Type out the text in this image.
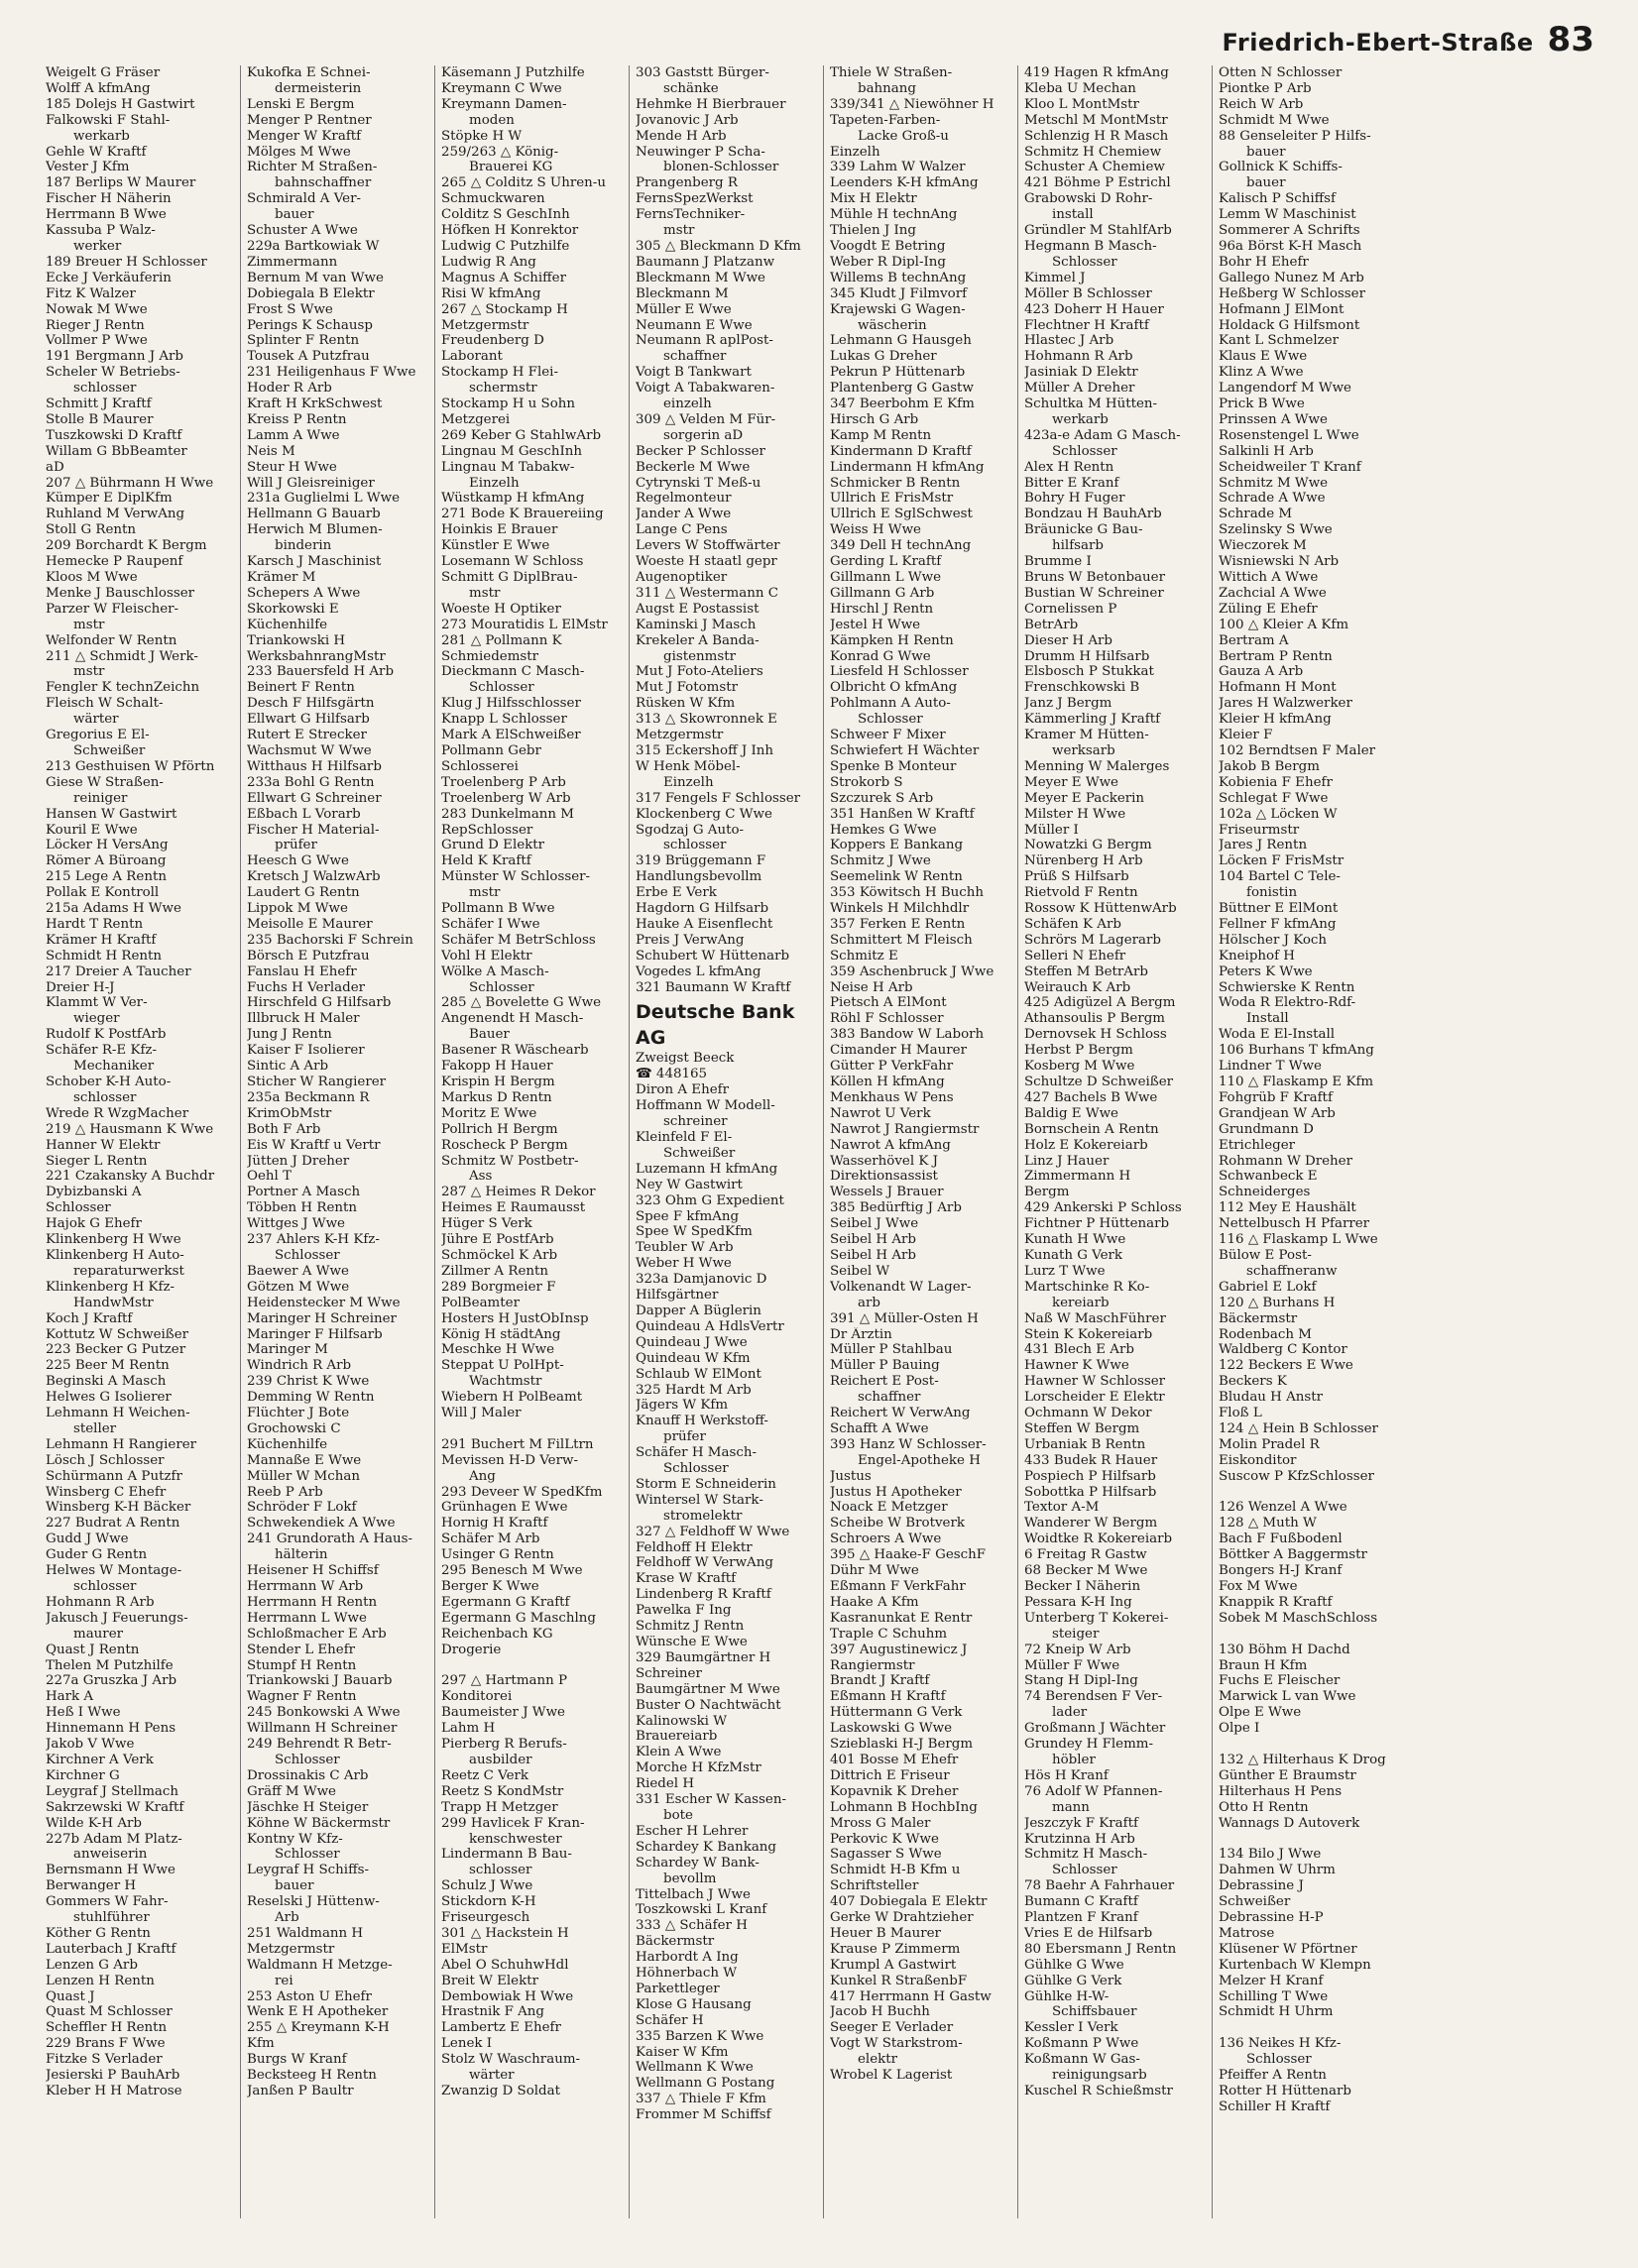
Friedrich-Ebert-Straße 83
Weigelt G Fräser
Wolff A kfmAng
185 Dolejs H Gastwirt
Falkowski F Stahl-
werkarb
Gehle W Kraftf
Vester J Kfm
187 Berlips W Maurer
Fischer H Näherin
Herrmann B Wwe
Kassuba P Walz-
werker
189 Breuer H Schlosser
Ecke J Verkäuferin
Fitz K Walzer
Nowak M Wwe
Rieger J Rentn
Vollmer P Wwe
191 Bergmann J Arb
Scheler W Betriebs-
schlosser
Schmitt J Kraftf
Stolle B Maurer
Tuszkowski D Kraftf
Willam G BbBeamter
aD
207 △ Bührmann H Wwe
Kümper E DiplKfm
Ruhland M VerwAng
Stoll G Rentn
209 Borchardt K Bergm
Hemecke P Raupenf
Kloos M Wwe
Menke J Bauschlosser
Parzer W Fleischer-
mstr
Welfonder W Rentn
211 △ Schmidt J Werk-
mstr
Fengler K technZeichn
Fleisch W Schalt-
wärter
Gregorius E El-
Schweißer
213 Gesthuisen W Pförtn
Giese W Straßen-
reiniger
Hansen W Gastwirt
Kouril E Wwe
Löcker H VersAng
Römer A Büroang
215 Lege A Rentn
Pollak E Kontroll
215a Adams H Wwe
Hardt T Rentn
Krämer H Kraftf
Schmidt H Rentn
217 Dreier A Taucher
Dreier H-J
Klammt W Ver-
wieger
Rudolf K PostfArb
Schäfer R-E Kfz-
Mechaniker
Schober K-H Auto-
schlosser
Wrede R WzgMacher
219 △ Hausmann K Wwe
Hanner W Elektr
Sieger L Rentn
221 Czakansky A Buchdr
Dybizbanski A
Schlosser
Hajok G Ehefr
Klinkenberg H Wwe
Klinkenberg H Auto-
reparaturwerkst
Klinkenberg H Kfz-
HandwMstr
Koch J Kraftf
Kottutz W Schweißer
223 Becker G Putzer
225 Beer M Rentn
Beginski A Masch
Helwes G Isolierer
Lehmann H Weichen-
steller
Lehmann H Rangierer
Lösch J Schlosser
Schürmann A Putzfr
Winsberg C Ehefr
Winsberg K-H Bäcker
227 Budrat A Rentn
Gudd J Wwe
Guder G Rentn
Helwes W Montage-
schlosser
Hohmann R Arb
Jakusch J Feuerungs-
maurer
Quast J Rentn
Thelen M Putzhilfe
227a Gruszka J Arb
Hark A
Heß I Wwe
Hinnemann H Pens
Jakob V Wwe
Kirchner A Verk
Kirchner G
Leygraf J Stellmach
Sakrzewski W Kraftf
Wilde K-H Arb
227b Adam M Platz-
anweiserin
Bernsmann H Wwe
Berwanger H
Gommers W Fahr-
stuhlführer
Köther G Rentn
Lauterbach J Kraftf
Lenzen G Arb
Lenzen H Rentn
Quast J
Quast M Schlosser
Scheffler H Rentn
229 Brans F Wwe
Fitzke S Verlader
Jesierski P BauhArb
Kleber H H Matrose
Kukofka E Schnei-
dermeisterin
Lenski E Bergm
Menger P Rentner
Menger W Kraftf
Mölges M Wwe
Richter M Straßen-
bahnschaffner
Schmirald A Ver-
bauer
Schuster A Wwe
229a Bartkowiak W
Zimmermann
Bernum M van Wwe
Dobiegala B Elektr
Frost S Wwe
Perings K Schausp
Splinter F Rentn
Tousek A Putzfrau
231 Heiligenhaus F Wwe
Hoder R Arb
Kraft H KrkSchwest
Kreiss P Rentn
Lamm A Wwe
Neis M
Steur H Wwe
Will J Gleisreiniger
231a Guglielmi L Wwe
Hellmann G Bauarb
Herwich M Blumen-
binderin
Karsch J Maschinist
Krämer M
Schepers A Wwe
Skorkowski E
Küchenhilfe
Triankowski H
WerksbahnrangMstr
233 Bauersfeld H Arb
Beinert F Rentn
Desch F Hilfsgärtn
Ellwart G Hilfsarb
Rutert E Strecker
Wachsmut W Wwe
Witthaus H Hilfsarb
233a Bohl G Rentn
Ellwart G Schreiner
Eßbach L Vorarb
Fischer H Material-
prüfer
Heesch G Wwe
Kretsch J WalzwArb
Laudert G Rentn
Lippok M Wwe
Meisolle E Maurer
235 Bachorski F Schrein
Börsch E Putzfrau
Fanslau H Ehefr
Fuchs H Verlader
Hirschfeld G Hilfsarb
Illbruck H Maler
Jung J Rentn
Kaiser F Isolierer
Sintic A Arb
Sticher W Rangierer
235a Beckmann R
KrimObMstr
Both F Arb
Eis W Kraftf u Vertr
Jütten J Dreher
Oehl T
Portner A Masch
Többen H Rentn
Wittges J Wwe
237 Ahlers K-H Kfz-
Schlosser
Baewer A Wwe
Götzen M Wwe
Heidenstecker M Wwe
Maringer H Schreiner
Maringer F Hilfsarb
Maringer M
Windrich R Arb
239 Christ K Wwe
Demming W Rentn
Flüchter J Bote
Grochowski C
Küchenhilfe
Mannaße E Wwe
Müller W Mchan
Reeb P Arb
Schröder F Lokf
Schwekendiek A Wwe
241 Grundorath A Haus-
hälterin
Heisener H Schiffsf
Herrmann W Arb
Herrmann H Rentn
Herrmann L Wwe
Schloßmacher E Arb
Stender L Ehefr
Stumpf H Rentn
Triankowski J Bauarb
Wagner F Rentn
245 Bonkowski A Wwe
Willmann H Schreiner
249 Behrendt R Betr-
Schlosser
Drossinakis C Arb
Gräff M Wwe
Jäschke H Steiger
Köhne W Bäckermstr
Kontny W Kfz-
Schlosser
Leygraf H Schiffs-
bauer
Reselski J Hüttenw-
Arb
251 Waldmann H
Metzgermstr
Waldmann H Metzge-
rei
253 Aston U Ehefr
Wenk E H Apotheker
255 △ Kreymann K-H
Kfm
Burgs W Kranf
Becksteeg H Rentn
Janßen P Baultr
Käsemann J Putzhilfe
Kreymann C Wwe
Kreymann Damen-
moden
Stöpke H W
259/263 △ König-
Brauerei KG
265 △ Colditz S Uhren-u
Schmuckwaren
Colditz S GeschInh
Höfken H Konrektor
Ludwig C Putzhilfe
Ludwig R Ang
Magnus A Schiffer
Risi W kfmAng
267 △ Stockamp H
Metzgermstr
Freudenberg D
Laborant
Stockamp H Flei-
schermstr
Stockamp H u Sohn
Metzgerei
269 Keber G StahlwArb
Lingnau M GeschInh
Lingnau M Tabakw-
Einzelh
Wüstkamp H kfmAng
271 Bode K Brauereiing
Hoinkis E Brauer
Künstler E Wwe
Losemann W Schloss
Schmitt G DiplBrau-
mstr
Woeste H Optiker
273 Mouratidis L ElMstr
281 △ Pollmann K
Schmiedemstr
Dieckmann C Masch-
Schlosser
Klug J Hilfsschlosser
Knapp L Schlosser
Mark A ElSchweißer
Pollmann Gebr
Schlosserei
Troelenberg P Arb
Troelenberg W Arb
283 Dunkelmann M
RepSchlosser
Grund D Elektr
Held K Kraftf
Münster W Schlosser-
mstr
Pollmann B Wwe
Schäfer I Wwe
Schäfer M BetrSchloss
Vohl H Elektr
Wölke A Masch-
Schlosser
285 △ Bovelette G Wwe
Angenendt H Masch-
Bauer
Basener R Wäschearb
Fakopp H Hauer
Krispin H Bergm
Markus D Rentn
Moritz E Wwe
Pollrich H Bergm
Roscheck P Bergm
Schmitz W Postbetr-
Ass
287 △ Heimes R Dekor
Heimes E Raumausst
Hüger S Verk
Jühre E PostfArb
Schmöckel K Arb
Zillmer A Rentn
289 Borgmeier F
PolBeamter
Hosters H JustObInsp
König H städtAng
Meschke H Wwe
Steppat U PolHpt-
Wachtmstr
Wiebern H PolBeamt
Will J Maler

291 Buchert M FilLtrn
Mevissen H-D Verw-
Ang
293 Deveer W SpedKfm
Grünhagen E Wwe
Hornig H Kraftf
Schäfer M Arb
Usinger G Rentn
295 Benesch M Wwe
Berger K Wwe
Egermann G Kraftf
Egermann G Maschlng
Reichenbach KG
Drogerie

297 △ Hartmann P
Konditorei
Baumeister J Wwe
Lahm H
Pierberg R Berufs-
ausbilder
Reetz C Verk
Reetz S KondMstr
Trapp H Metzger
299 Havlicek F Kran-
kenschwester
Lindermann B Bau-
schlosser
Schulz J Wwe
Stickdorn K-H
Friseurgesch
301 △ Hackstein H
ElMstr
Abel O SchuhwHdl
Breit W Elektr
Dembowiak H Wwe
Hrastnik F Ang
Lambertz E Ehefr
Lenek I
Stolz W Waschraum-
wärter
Zwanzig D Soldat
303 Gaststt Bürger-
schänke
Hehmke H Bierbrauer
Jovanovic J Arb
Mende H Arb
Neuwinger P Scha-
blonen-Schlosser
Prangenberg R
FernsSpezWerkst
FernsTechniker-
mstr
305 △ Bleckmann D Kfm
Baumann J Platzanw
Bleckmann M Wwe
Bleckmann M
Müller E Wwe
Neumann E Wwe
Neumann R aplPost-
schaffner
Voigt B Tankwart
Voigt A Tabakwaren-
einzelh
309 △ Velden M Für-
sorgerin aD
Becker P Schlosser
Beckerle M Wwe
Cytrynski T Meß-u
Regelmonteur
Jander A Wwe
Lange C Pens
Levers W Stoffwärter
Woeste H staatl gepr
Augenoptiker
311 △ Westermann C
Augst E Postassist
Kaminski J Masch
Krekeler A Banda-
gistenmstr
Mut J Foto-Ateliers
Mut J Fotomstr
Rüsken W Kfm
313 △ Skowronnek E
Metzgermstr
315 Eckershoff J Inh
W Henk Möbel-
Einzelh
317 Fengels F Schlosser
Klockenberg C Wwe
Sgodzaj G Auto-
schlosser
319 Brüggemann F
Handlungsbevollm
Erbe E Verk
Hagdorn G Hilfsarb
Hauke A Eisenflecht
Preis J VerwAng
Schubert W Hüttenarb
Vogedes L kfmAng
321 Baumann W Kraftf
Deutsche Bank AG
Zweigst Beeck
☎ 448165
Diron A Ehefr
Hoffmann W Modell-
schreiner
Kleinfeld F El-
Schweißer
Luzemann H kfmAng
Ney W Gastwirt
323 Ohm G Expedient
Spee F kfmAng
Spee W SpedKfm
Teubler W Arb
Weber H Wwe
323a Damjanovic D
Hilfsgärtner
Dapper A Büglerin
Quindeau A HdlsVertr
Quindeau J Wwe
Quindeau W Kfm
Schlaub W ElMont
325 Hardt M Arb
Jägers W Kfm
Knauff H Werkstoff-
prüfer
Schäfer H Masch-
Schlosser
Storm E Schneiderin
Wintersel W Stark-
stromelektr
327 △ Feldhoff W Wwe
Feldhoff H Elektr
Feldhoff W VerwAng
Krase W Kraftf
Lindenberg R Kraftf
Pawelka F Ing
Schmitz J Rentn
Wünsche E Wwe
329 Baumgärtner H
Schreiner
Baumgärtner M Wwe
Buster O Nachtwächt
Kalinowski W
Brauereiarb
Klein A Wwe
Morche H KfzMstr
Riedel H
331 Escher W Kassen-
bote
Escher H Lehrer
Schardey K Bankang
Schardey W Bank-
bevollm
Tittelbach J Wwe
Toszkowski L Kranf
333 △ Schäfer H
Bäckermstr
Harbordt A Ing
Höhnerbach W
Parkettleger
Klose G Hausang
Schäfer H
335 Barzen K Wwe
Kaiser W Kfm
Wellmann K Wwe
Wellmann G Postang
337 △ Thiele F Kfm
Frommer M Schiffsf
Thiele W Straßen-
bahnang
339/341 △ Niewöhner H
Tapeten-Farben-
Lacke Groß-u
Einzelh
339 Lahm W Walzer
Leenders K-H kfmAng
Mix H Elektr
Mühle H technAng
Thielen J Ing
Voogdt E Betring
Weber R Dipl-Ing
Willems B technAng
345 Kludt J Filmvorf
Krajewski G Wagen-
wäscherin
Lehmann G Hausgeh
Lukas G Dreher
Pekrun P Hüttenarb
Plantenberg G Gastw
347 Beerbohm E Kfm
Hirsch G Arb
Kamp M Rentn
Kindermann D Kraftf
Lindermann H kfmAng
Schmicker B Rentn
Ullrich E FrisMstr
Ullrich E SglSchwest
Weiss H Wwe
349 Dell H technAng
Gerding L Kraftf
Gillmann L Wwe
Gillmann G Arb
Hirschl J Rentn
Jestel H Wwe
Kämpken H Rentn
Konrad G Wwe
Liesfeld H Schlosser
Olbricht O kfmAng
Pohlmann A Auto-
Schlosser
Schweer F Mixer
Schwiefert H Wächter
Spenke B Monteur
Strokorb S
Szczurek S Arb
351 Hanßen W Kraftf
Hemkes G Wwe
Koppers E Bankang
Schmitz J Wwe
Seemelink W Rentn
353 Köwitsch H Buchh
Winkels H Milchhdlr
357 Ferken E Rentn
Schmittert M Fleisch
Schmitz E
359 Aschenbruck J Wwe
Neise H Arb
Pietsch A ElMont
Röhl F Schlosser
383 Bandow W Laborh
Cimander H Maurer
Gütter P VerkFahr
Köllen H kfmAng
Menkhaus W Pens
Nawrot U Verk
Nawrot J Rangiermstr
Nawrot A kfmAng
Wasserhövel K J
Direktionsassist
Wessels J Brauer
385 Bedürftig J Arb
Seibel J Wwe
Seibel H Arb
Seibel H Arb
Seibel W
Volkenandt W Lager-
arb
391 △ Müller-Osten H
Dr Ärztin
Müller P Stahlbau
Müller P Bauing
Reichert E Post-
schaffner
Reichert W VerwAng
Schafft A Wwe
393 Hanz W Schlosser-
Engel-Apotheke H
Justus
Justus H Apotheker
Noack E Metzger
Scheibe W Brotverk
Schroers A Wwe
395 △ Haake-F GeschF
Dühr M Wwe
Eßmann F VerkFahr
Haake A Kfm
Kasranunkat E Rentr
Traple C Schuhm
397 Augustinewicz J
Rangiermstr
Brandt J Kraftf
Eßmann H Kraftf
Hüttermann G Verk
Laskowski G Wwe
Szieblaski H-J Bergm
401 Bosse M Ehefr
Dittrich E Friseur
Kopavnik K Dreher
Lohmann B HochbIng
Mross G Maler
Perkovic K Wwe
Sagasser S Wwe
Schmidt H-B Kfm u
Schriftsteller
407 Dobiegala E Elektr
Gerke W Drahtzieher
Heuer B Maurer
Krause P Zimmerm
Krumpl A Gastwirt
Kunkel R StraßenbF
417 Herrmann H Gastw
Jacob H Buchh
Seeger E Verlader
Vogt W Starkstrom-
elektr
Wrobel K Lagerist
419 Hagen R kfmAng
Kleba U Mechan
Kloo L MontMstr
Metschl M MontMstr
Schlenzig H R Masch
Schmitz H Chemiew
Schuster A Chemiew
421 Böhme P Estrichl
Grabowski D Rohr-
install
Gründler M StahlfArb
Hegmann B Masch-
Schlosser
Kimmel J
Möller B Schlosser
423 Doherr H Hauer
Flechtner H Kraftf
Hlastec J Arb
Hohmann R Arb
Jasiniak D Elektr
Müller A Dreher
Schultka M Hütten-
werkarb
423a-e Adam G Masch-
Schlosser
Alex H Rentn
Bitter E Kranf
Bohry H Fuger
Bondzau H BauhArb
Bräunicke G Bau-
hilfsarb
Brumme I
Bruns W Betonbauer
Bustian W Schreiner
Cornelissen P
BetrArb
Dieser H Arb
Drumm H Hilfsarb
Elsbosch P Stukkat
Frenschkowski B
Janz J Bergm
Kämmerling J Kraftf
Kramer M Hütten-
werksarb
Menning W Malerges
Meyer E Wwe
Meyer E Packerin
Milster H Wwe
Müller I
Nowatzki G Bergm
Nürenberg H Arb
Prüß S Hilfsarb
Rietvold F Rentn
Rossow K HüttenwArb
Schäfen K Arb
Schrörs M Lagerarb
Selleri N Ehefr
Steffen M BetrArb
Weirauch K Arb
425 Adigüzel A Bergm
Athansoulis P Bergm
Dernovsek H Schloss
Herbst P Bergm
Kosberg M Wwe
Schultze D Schweißer
427 Bachels B Wwe
Baldig E Wwe
Bornschein A Rentn
Holz E Kokereiarb
Linz J Hauer
Zimmermann H
Bergm
429 Ankerski P Schloss
Fichtner P Hüttenarb
Kunath H Wwe
Kunath G Verk
Lurz T Wwe
Martschinke R Ko-
kereiarb
Naß W MaschFührer
Stein K Kokereiarb
431 Blech E Arb
Hawner K Wwe
Hawner W Schlosser
Lorscheider E Elektr
Ochmann W Dekor
Steffen W Bergm
Urbaniak B Rentn
433 Budek R Hauer
Pospiech P Hilfsarb
Sobottka P Hilfsarb
Textor A-M
Wanderer W Bergm
Woidtke R Kokereiarb
6 Freitag R Gastw
68 Becker M Wwe
Becker I Näherin
Pessara K-H Ing
Unterberg T Kokerei-
steiger
72 Kneip W Arb
Müller F Wwe
Stang H Dipl-Ing
74 Berendsen F Ver-
lader
Großmann J Wächter
Grundey H Flemm-
höbler
Hös H Kranf
76 Adolf W Pfannen-
mann
Jeszczyk F Kraftf
Krutzinna H Arb
Schmitz H Masch-
Schlosser
78 Baehr A Fahrhauer
Bumann C Kraftf
Plantzen F Kranf
Vries E de Hilfsarb
80 Ebersmann J Rentn
Gühlke G Wwe
Gühlke G Verk
Gühlke H-W-
Schiffsbauer
Kessler I Verk
Koßmann P Wwe
Koßmann W Gas-
reinigungsarb
Kuschel R Schießmstr
Otten N Schlosser
Piontke P Arb
Reich W Arb
Schmidt M Wwe
88 Genseleiter P Hilfs-
bauer
Gollnick K Schiffs-
bauer
Kalisch P Schiffsf
Lemm W Maschinist
Sommerer A Schrifts
96a Börst K-H Masch
Bohr H Ehefr
Gallego Nunez M Arb
Heßberg W Schlosser
Hofmann J ElMont
Holdack G Hilfsmont
Kant L Schmelzer
Klaus E Wwe
Klinz A Wwe
Langendorf M Wwe
Prick B Wwe
Prinssen A Wwe
Rosenstengel L Wwe
Salkinli H Arb
Scheidweiler T Kranf
Schmitz M Wwe
Schrade A Wwe
Schrade M
Szelinsky S Wwe
Wieczorek M
Wisniewski N Arb
Wittich A Wwe
Zachcial A Wwe
Züling E Ehefr
100 △ Kleier A Kfm
Bertram A
Bertram P Rentn
Gauza A Arb
Hofmann H Mont
Jares H Walzwerker
Kleier H kfmAng
Kleier F
102 Berndtsen F Maler
Jakob B Bergm
Kobienia F Ehefr
Schlegat F Wwe
102a △ Löcken W
Friseurmstr
Jares J Rentn
Löcken F FrisMstr
104 Bartel C Tele-
fonistin
Büttner E ElMont
Fellner F kfmAng
Hölscher J Koch
Kneiphof H
Peters K Wwe
Schwierske K Rentn
Woda R Elektro-Rdf-
Install
Woda E El-Install
106 Burhans T kfmAng
Lindner T Wwe
110 △ Flaskamp E Kfm
Fohgrüb F Kraftf
Grandjean W Arb
Grundmann D
Etrichleger
Rohmann W Dreher
Schwanbeck E
Schneiderges
112 Mey E Haushält
Nettelbusch H Pfarrer
116 △ Flaskamp L Wwe
Bülow E Post-
schaffneranw
Gabriel E Lokf
120 △ Burhans H
Bäckermstr
Rodenbach M
Waldberg C Kontor
122 Beckers E Wwe
Beckers K
Bludau H Anstr
Floß L
124 △ Hein B Schlosser
Molin Pradel R
Eiskonditor
Suscow P KfzSchlosser

126 Wenzel A Wwe
128 △ Muth W
Bach F Fußbodenl
Böttker A Baggermstr
Bongers H-J Kranf
Fox M Wwe
Knappik R Kraftf
Sobek M MaschSchloss

130 Böhm H Dachd
Braun H Kfm
Fuchs E Fleischer
Marwick L van Wwe
Olpe E Wwe
Olpe I

132 △ Hilterhaus K Drog
Günther E Braumstr
Hilterhaus H Pens
Otto H Rentn
Wannags D Autoverk

134 Bilo J Wwe
Dahmen W Uhrm
Debrassine J
Schweißer
Debrassine H-P
Matrose
Klüsener W Pförtner
Kurtenbach W Klempn
Melzer H Kranf
Schilling T Wwe
Schmidt H Uhrm

136 Neikes H Kfz-
Schlosser
Pfeiffer A Rentn
Rotter H Hüttenarb
Schiller H Kraftf
